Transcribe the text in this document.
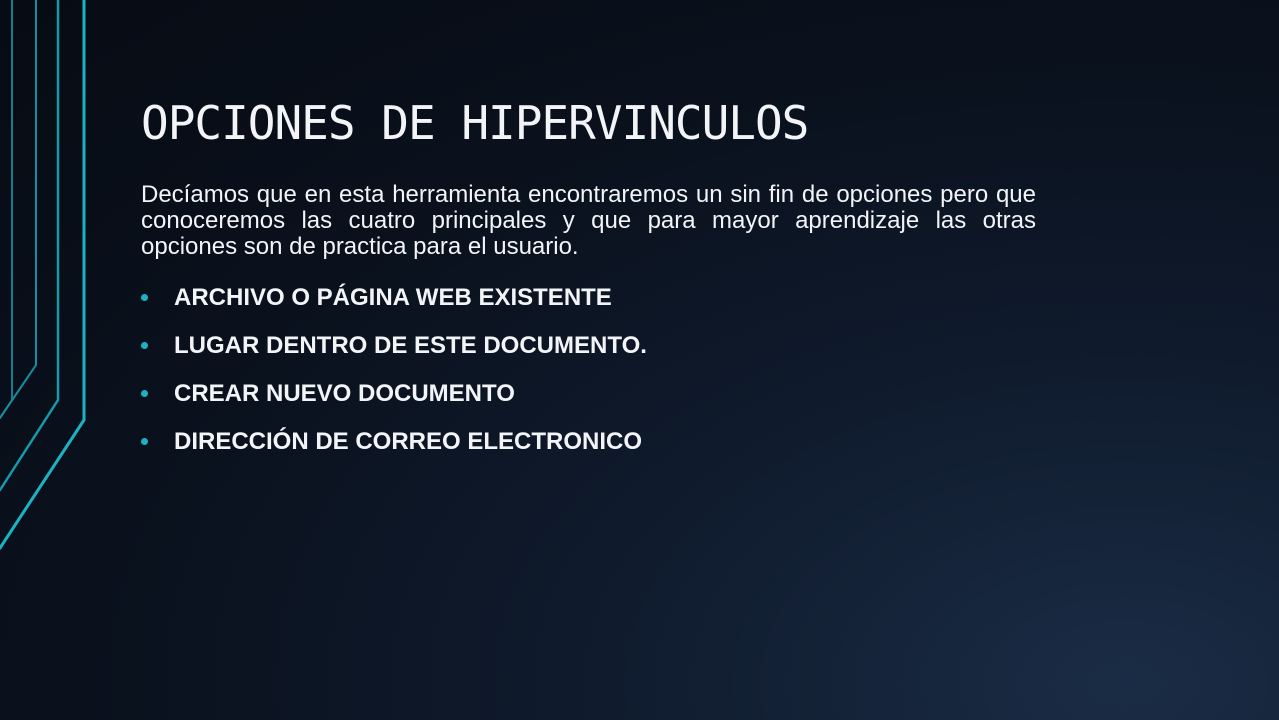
OPCIONES DE HIPERVINCULOS

Decíamos que en esta herramienta encontraremos un sin fin de opciones pero que conoceremos las cuatro principales y que para mayor aprendizaje las otras opciones son de practica para el usuario.

ARCHIVO O PÁGINA WEB EXISTENTE
LUGAR DENTRO DE ESTE DOCUMENTO.
CREAR NUEVO DOCUMENTO
DIRECCIÓN DE CORREO ELECTRONICO
